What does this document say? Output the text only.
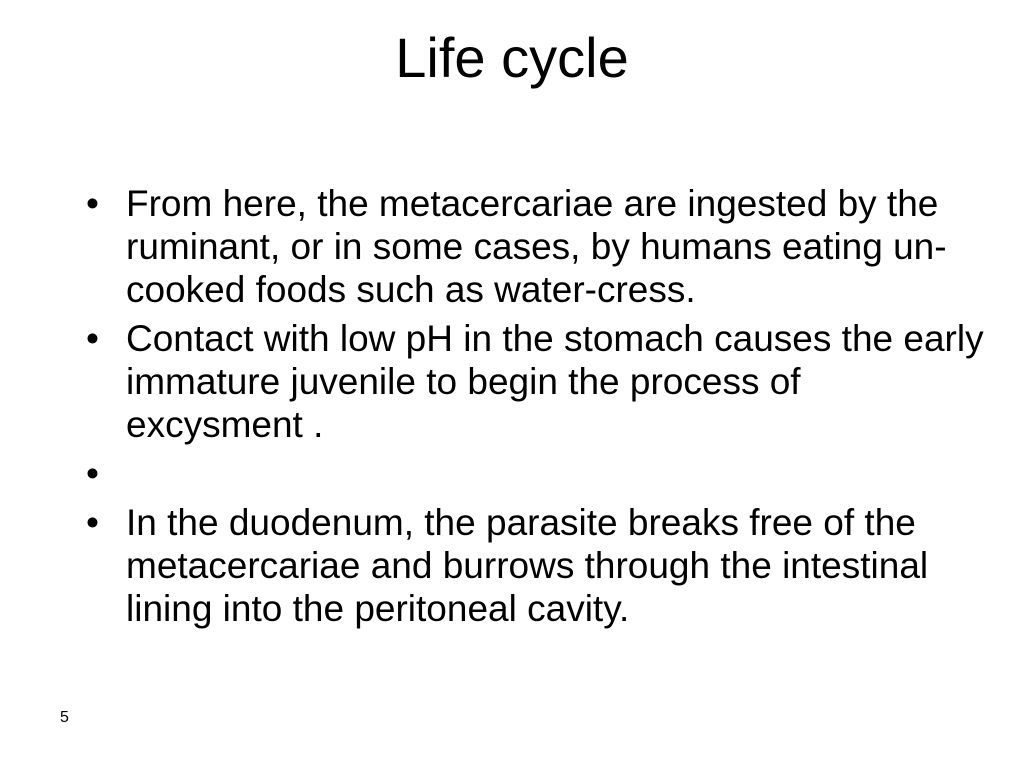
Life cycle
• From here, the metacercariae are ingested by the ruminant, or in some cases, by humans eating un-cooked foods such as water-cress.
• Contact with low pH in the stomach causes the early immature juvenile to begin the process of excysment .
•
• In the duodenum, the parasite breaks free of the metacercariae and burrows through the intestinal lining into the peritoneal cavity.
5
